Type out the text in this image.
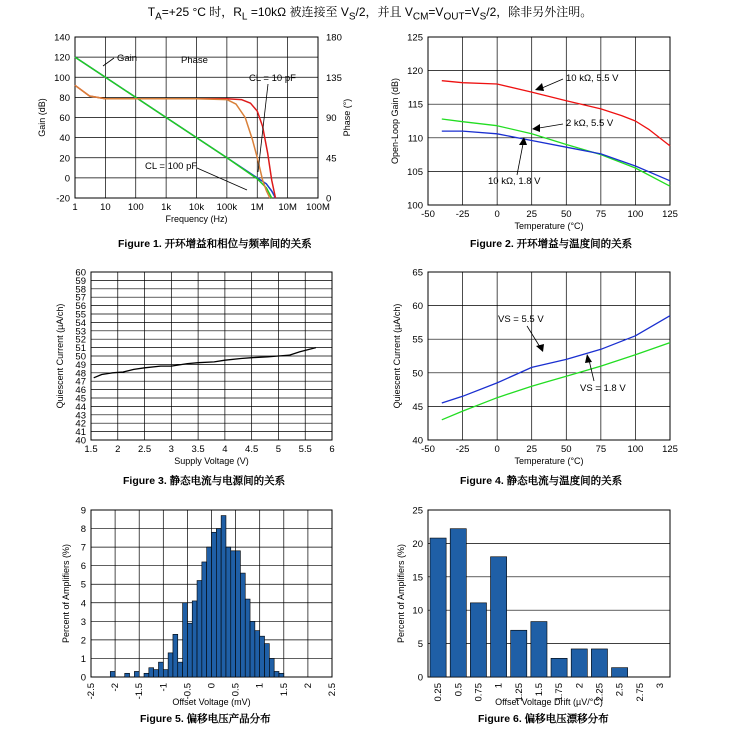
$T_A=+25$ °C 时，$R_L =10k\Omega$ 被连接至 $V_S/2$，并且 $V_{CM}=V_{OUT}=V_S/2$，除非另外注明。
-20
0
20
40
60
80
100
120
140
1 10 100 1k 10k 100k 1M 10M 100M
Frequency (Hz)
Gain (dB)
0
45
90
135
180
Phase (°)
Gain	Phase
CL = 10 pF
CL = 100 pF
100
105
110
115
120
125
-50 -25	0	25	50	75 100 125
Temperature (°C)
Open-Loop Gain (dB)	10 kΩ, 5.5 V
2 kΩ, 5.5 V
10 kΩ, 1.8 V
40
41
42
43
44
45
46
47
48
49
50
51
52
53
54
55
56
57
58
59
60
1.5 2 2.5 3 3.5 4 4.5 5 5.5 6
Supply Voltage (V)
Quiescent Current (µA/ch)
40
45
50
55
60
65
-50 -25	0	25	50	75 100 125
Temperature (°C)
Quiescent Current (µA/ch)	VS = 5.5 V
VS = 1.8 V
0
1
2
3
4
5
6
7
8
9
Offset Voltage (mV)
Percent of Amplifiers (%)
-2.5 -2 -1.5 -1 -0.5 0 0.5 1 1.5 2 2.5
0
5
10
15
20
25
Offset Voltage Drift (µV/°C)
Percent of Amplifiers (%)
0.25 0.5 0.75 1 1.25 1.5 1.75 2 2.25 2.5 2.75 3
Figure 1. 开环增益和相位与频率间的关系	Figure 2. 开环增益与温度间的关系
Figure 3. 静态电流与电源间的关系	Figure 4. 静态电流与温度间的关系
Figure 5. 偏移电压产品分布	Figure 6. 偏移电压漂移分布
